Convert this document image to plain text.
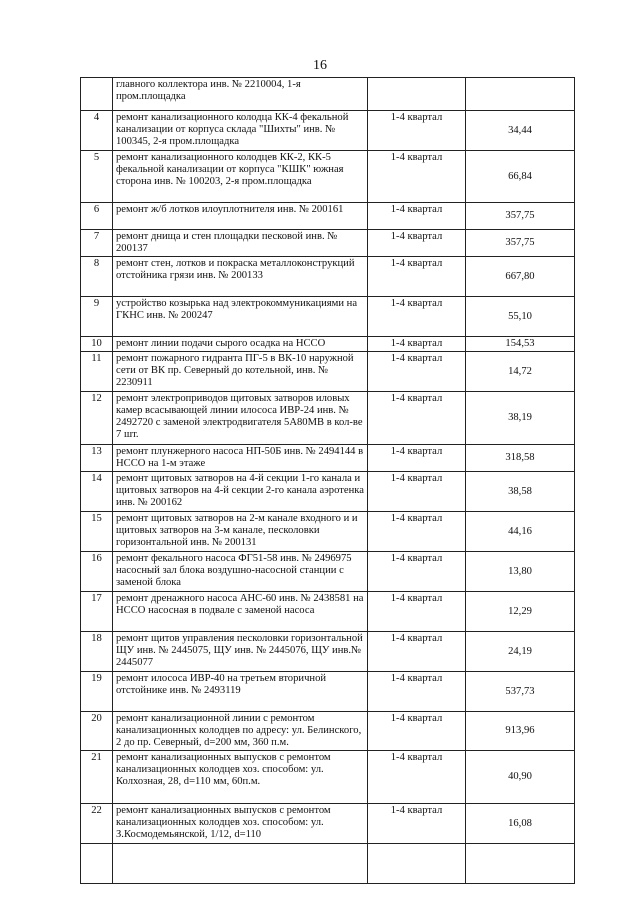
16
	главного коллектора инв. № 2210004, 1-я пром.площадка		
4	ремонт канализационного колодца КК-4 фекальной канализации от корпуса склада "Шихты" инв. № 100345, 2-я пром.площадка	1-4 квартал	34,44
5	ремонт канализационного колодцев КК-2, КК-5 фекальной канализации от корпуса "КШК" южная сторона инв. № 100203, 2-я пром.площадка	1-4 квартал	66,84
6	ремонт ж/б лотков илоуплотнителя инв. № 200161	1-4 квартал	357,75
7	ремонт днища и стен площадки песковой инв. № 200137	1-4 квартал	357,75
8	ремонт стен, лотков и покраска металлоконструкций отстойника грязи инв. № 200133	1-4 квартал	667,80
9	устройство козырька над электрокоммуникациями на ГКНС инв. № 200247	1-4 квартал	55,10
10	ремонт линии подачи сырого осадка на НССО	1-4 квартал	154,53
11	ремонт пожарного гидранта ПГ-5 в ВК-10 наружной сети от ВК пр. Северный до котельной, инв. № 2230911	1-4 квартал	14,72
12	ремонт электроприводов щитовых затворов иловых камер всасывающей линии илососа ИВР-24 инв. № 2492720 с заменой электродвигателя 5А80МВ в кол-ве 7 шт.	1-4 квартал	38,19
13	ремонт плунжерного насоса НП-50Б инв. № 2494144 в НССО на 1-м этаже	1-4 квартал	318,58
14	ремонт щитовых затворов на 4-й секции 1-го канала и щитовых затворов на 4-й секции 2-го канала аэротенка инв. № 200162	1-4 квартал	38,58
15	ремонт щитовых затворов на 2-м канале входного и и щитовых затворов на 3-м канале, песколовки горизонтальной инв. № 200131	1-4 квартал	44,16
16	ремонт фекального насоса ФГ51-58 инв. № 2496975 насосный зал блока воздушно-насосной станции с заменой блока	1-4 квартал	13,80
17	ремонт дренажного насоса АНС-60 инв. № 2438581 на НССО насосная в подвале с заменой насоса	1-4 квартал	12,29
18	ремонт щитов управления песколовки горизонтальной ЩУ инв. № 2445075, ЩУ инв. № 2445076, ЩУ инв.№ 2445077	1-4 квартал	24,19
19	ремонт илососа ИВР-40 на третьем вторичной отстойнике инв. № 2493119	1-4 квартал	537,73
20	ремонт канализационной линии с ремонтом канализационных колодцев по адресу: ул. Белинского, 2 до пр. Северный, d=200 мм, 360 п.м.	1-4 квартал	913,96
21	ремонт канализационных выпусков с ремонтом канализационных колодцев хоз. способом: ул. Колхозная, 28, d=110 мм, 60п.м.	1-4 квартал	40,90
22	ремонт канализационных выпусков с ремонтом канализационных колодцев хоз. способом: ул. З.Космодемьянской, 1/12, d=110	1-4 квартал	16,08
